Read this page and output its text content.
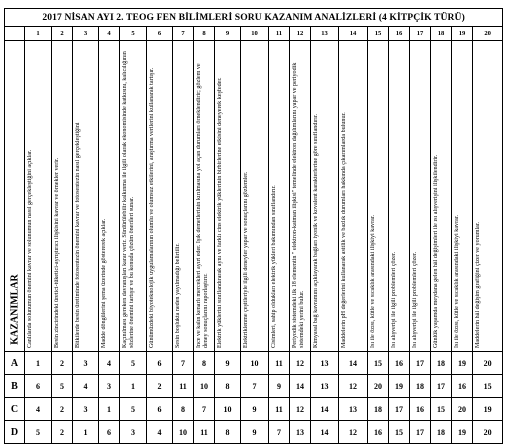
2017 NİSAN AYI 2. TEOG FEN BİLİMLERİ SORU KAZANIM ANALİZLERİ (4 KİTPÇİK TÜRÜ)																				
	1	2	3	4	5	6	7	8	9	10	11	12	13	14	15	16	17	18	19	20

KAZANIMLAR	Canlılarda solunumun önemini kavrar ve solunumun nasıl gerçekleştiğini açıklar.	Besin zincirindeki üretici-tüketici-ayrıştırıcı ilişkisini kavrar ve örnekler verir.	Bitkilerde besin üretiminde fotosentezin önemini kavrar ve fotosentezin nasıl gerçekleştiğini	Madde döngülerini şema üzerinde göstererek açıklar.	Kaçınılması gereken davranışları karar verir. Sürdürülebilir kalkınma ile ilgili olarak ekonomisinde katkısını, kalıcılığının sözlerine önemini tartışır ve bu konuda çözüm önerileri sunar.	Günümüzdeki biyoteknolojik uygulamalarının olumlu ve olumsuz etkilerini, araştırma verilerini kullanarak tartışır.	Sesin boşlukta neden yayılmadığı belirtilir.	İnce ve kalın kenarlı mercekleri ayırt eder. Işık demetlerinin kırılmasına yol açan durumları örneklendirir; gözlem ve deney sonuçlarını raporlaştırır.	Elektrik yüklerini sınıflandırarak aynı ve farklı cins elektrik yüklerinin birbirlerine etkisini deneyerek keşfeder.	Elektriklenme çeşitleriyle ilgili deneyler yapar ve sonuçlarını gözlemler.	Cisimleri, sahip oldukları elektrik yükleri bakımından sınıflandırır.	Periyodik sistemdeki ilk 18 elementin " elektron-katman ilişkisi" temelinde elektron dağılımlarını yapar ve periyodik sistemdeki yerini bulur.	Kimyasal bağ kavramını açıklayarak bağları iyonik ve kovalent karakterlerine göre sınıflandırır.	Maddelerin pH değerlerini kullanarak asitlik ve bazlık durumları hakkında çıkarımlarda bulunur.	Isı ile özısı, kütle ve sıcaklık arasındaki ilişkiyi kavrar.	Isı alışverişi ile ilgili problemleri çözer.	Isı alışverişi ile ilgili problemleri çözer.	Günlük yaşamda meydana gelen hâl değişimleri ile ısı alışverişini ilişkilendirir.	Isı ile özısı, kütle ve sıcaklık arasındaki ilişkiyi kavrar.	Maddelerin hâl değişim grafiğini çizer ve yorumlar.

A	1	2	3	4	5	6	7	8	9	10	11	12	13	14	15	16	17	18	19	20
B	6	5	4	3	1	2	11	10	8	7	9	14	13	12	20	19	18	17	16	15
C	4	2	3	1	5	6	8	7	10	9	11	12	14	13	18	17	16	15	20	19
D	5	2	1	6	3	4	10	11	8	9	7	13	14	12	16	15	17	18	19	20
